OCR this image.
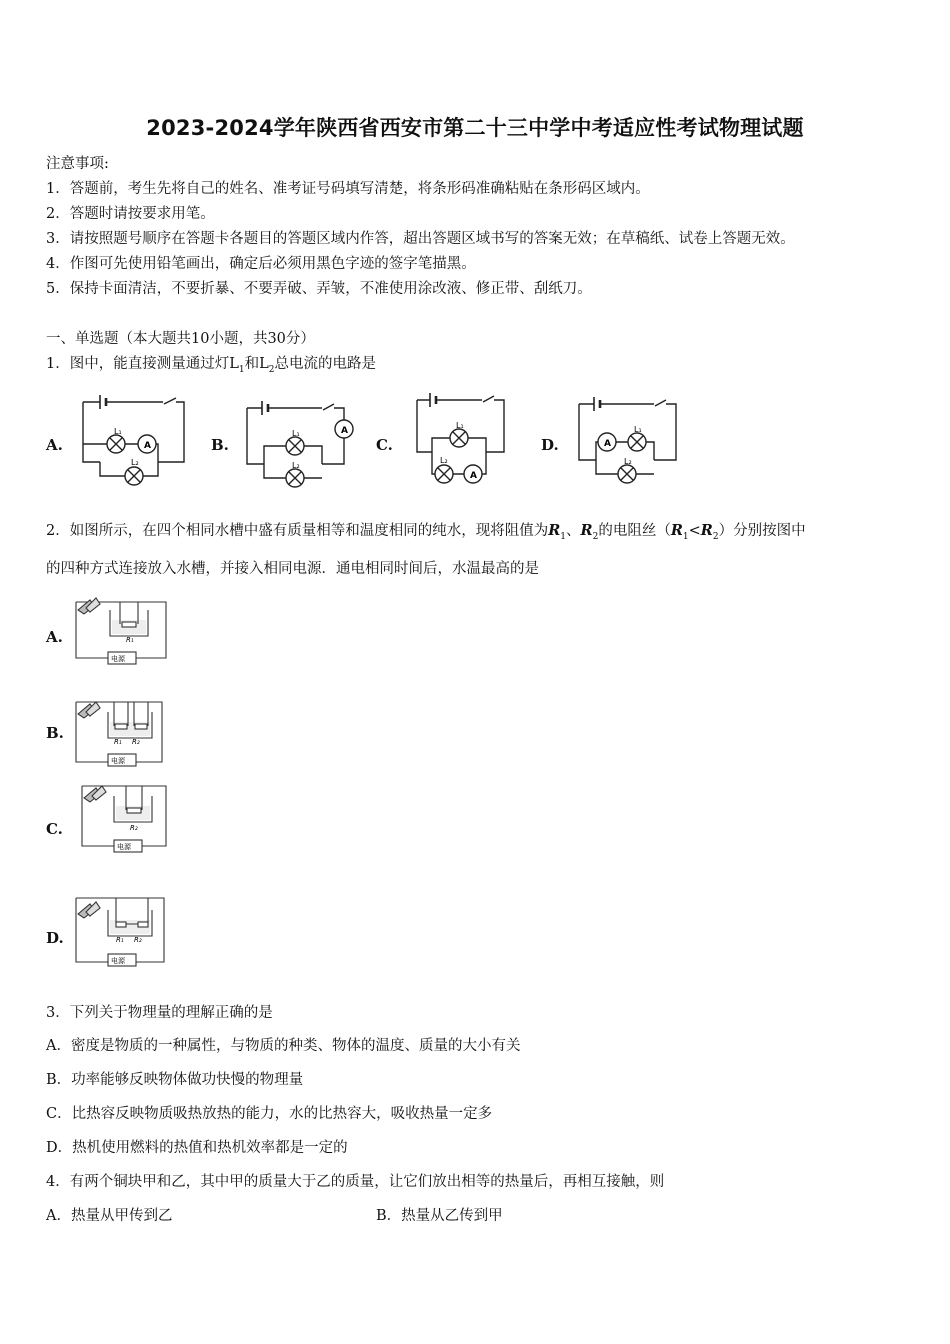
2023-2024学年陕西省西安市第二十三中学中考适应性考试物理试题
注意事项:
1．答题前，考生先将自己的姓名、准考证号码填写清楚，将条形码准确粘贴在条形码区域内。
2．答题时请按要求用笔。
3．请按照题号顺序在答题卡各题目的答题区域内作答，超出答题区域书写的答案无效；在草稿纸、试卷上答题无效。
4．作图可先使用铅笔画出，确定后必须用黑色字迹的签字笔描黑。
5．保持卡面清洁，不要折暴、不要弄破、弄皱，不准使用涂改液、修正带、刮纸刀。
一、单选题（本大题共10小题，共30分）
1．图中，能直接测量通过灯$L_1$和$L_2$总电流的电路是
A.	B.	C.	D.
L₁
L₂
A
L₁
L₂
A
L₁
L₂
A
A
L₁
L₂
2．如图所示，在四个相同水槽中盛有质量相等和温度相同的纯水，现将阻值为$R_1$、$R_2$的电阻丝$(R_1<R_2)$分别按图中
的四种方式连接放入水槽，并接入相同电源．通电相同时间后，水温最高的是
A.
B.
C.
D.
R₁
电源
R₁ R₂
电源
R₂
电源
R₁ R₂
电源
3．下列关于物理量的理解正确的是
A．密度是物质的一种属性，与物质的种类、物体的温度、质量的大小有关
B．功率能够反映物体做功快慢的物理量
C．比热容反映物质吸热放热的能力，水的比热容大，吸收热量一定多
D．热机使用燃料的热值和热机效率都是一定的
4．有两个铜块甲和乙，其中甲的质量大于乙的质量，让它们放出相等的热量后，再相互接触，则
A．热量从甲传到乙	B．热量从乙传到甲
